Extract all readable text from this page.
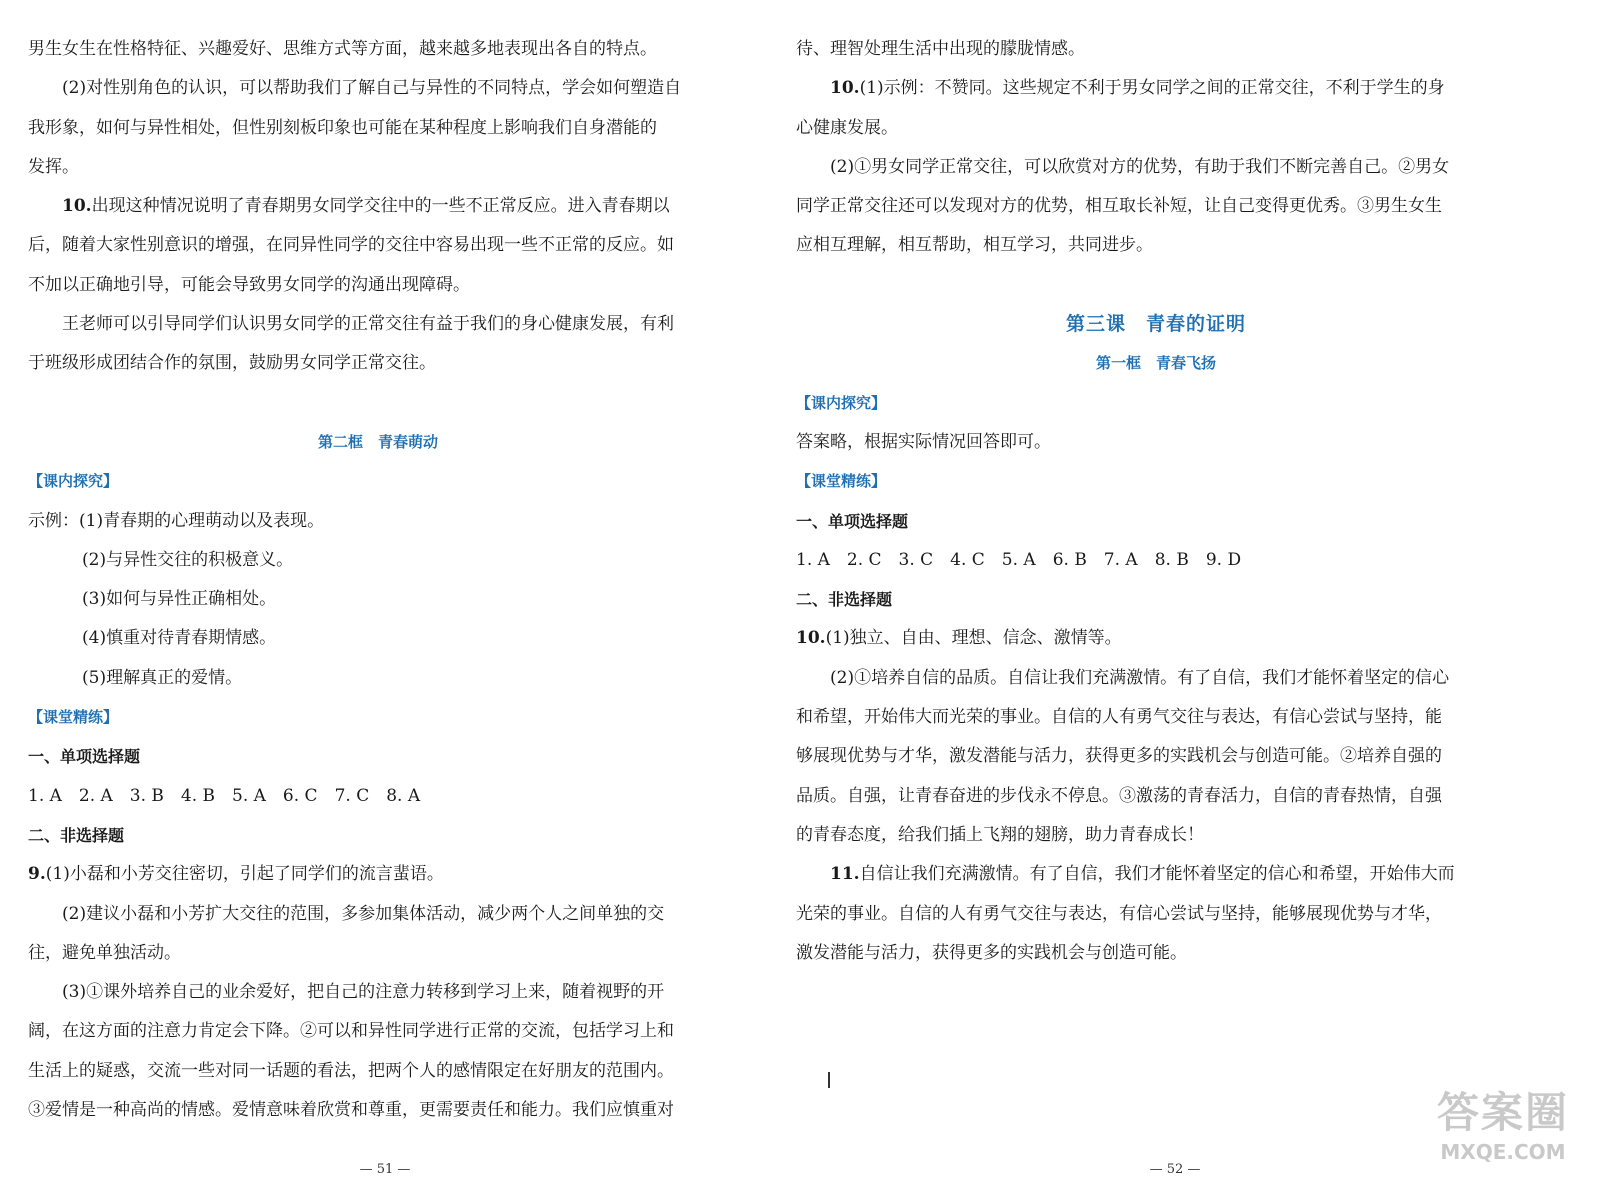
男生女生在性格特征、兴趣爱好、思维方式等方面，越来越多地表现出各自的特点。
(2)对性别角色的认识，可以帮助我们了解自己与异性的不同特点，学会如何塑造自
我形象，如何与异性相处，但性别刻板印象也可能在某种程度上影响我们自身潜能的
发挥。
10.出现这种情况说明了青春期男女同学交往中的一些不正常反应。进入青春期以
后，随着大家性别意识的增强，在同异性同学的交往中容易出现一些不正常的反应。如
不加以正确地引导，可能会导致男女同学的沟通出现障碍。
王老师可以引导同学们认识男女同学的正常交往有益于我们的身心健康发展，有利
于班级形成团结合作的氛围，鼓励男女同学正常交往。
第二框　青春萌动
【课内探究】
示例：(1)青春期的心理萌动以及表现。
(2)与异性交往的积极意义。
(3)如何与异性正确相处。
(4)慎重对待青春期情感。
(5)理解真正的爱情。
【课堂精练】
一、单项选择题
1. A　2. A　3. B　4. B　5. A　6. C　7. C　8. A
二、非选择题
9.(1)小磊和小芳交往密切，引起了同学们的流言蜚语。
(2)建议小磊和小芳扩大交往的范围，多参加集体活动，减少两个人之间单独的交
往，避免单独活动。
(3)①课外培养自己的业余爱好，把自己的注意力转移到学习上来，随着视野的开
阔，在这方面的注意力肯定会下降。②可以和异性同学进行正常的交流，包括学习上和
生活上的疑惑，交流一些对同一话题的看法，把两个人的感情限定在好朋友的范围内。
③爱情是一种高尚的情感。爱情意味着欣赏和尊重，更需要责任和能力。我们应慎重对
— 51 —
待、理智处理生活中出现的朦胧情感。
10.(1)示例：不赞同。这些规定不利于男女同学之间的正常交往，不利于学生的身
心健康发展。
(2)①男女同学正常交往，可以欣赏对方的优势，有助于我们不断完善自己。②男女
同学正常交往还可以发现对方的优势，相互取长补短，让自己变得更优秀。③男生女生
应相互理解，相互帮助，相互学习，共同进步。
第三课　青春的证明
第一框　青春飞扬
【课内探究】
答案略，根据实际情况回答即可。
【课堂精练】
一、单项选择题
1. A　2. C　3. C　4. C　5. A　6. B　7. A　8. B　9. D
二、非选择题
10.(1)独立、自由、理想、信念、激情等。
(2)①培养自信的品质。自信让我们充满激情。有了自信，我们才能怀着坚定的信心
和希望，开始伟大而光荣的事业。自信的人有勇气交往与表达，有信心尝试与坚持，能
够展现优势与才华，激发潜能与活力，获得更多的实践机会与创造可能。②培养自强的
品质。自强，让青春奋进的步伐永不停息。③激荡的青春活力，自信的青春热情，自强
的青春态度，给我们插上飞翔的翅膀，助力青春成长！
11.自信让我们充满激情。有了自信，我们才能怀着坚定的信心和希望，开始伟大而
光荣的事业。自信的人有勇气交往与表达，有信心尝试与坚持，能够展现优势与才华，
激发潜能与活力，获得更多的实践机会与创造可能。
— 52 —
答案圈
MXQE.COM
